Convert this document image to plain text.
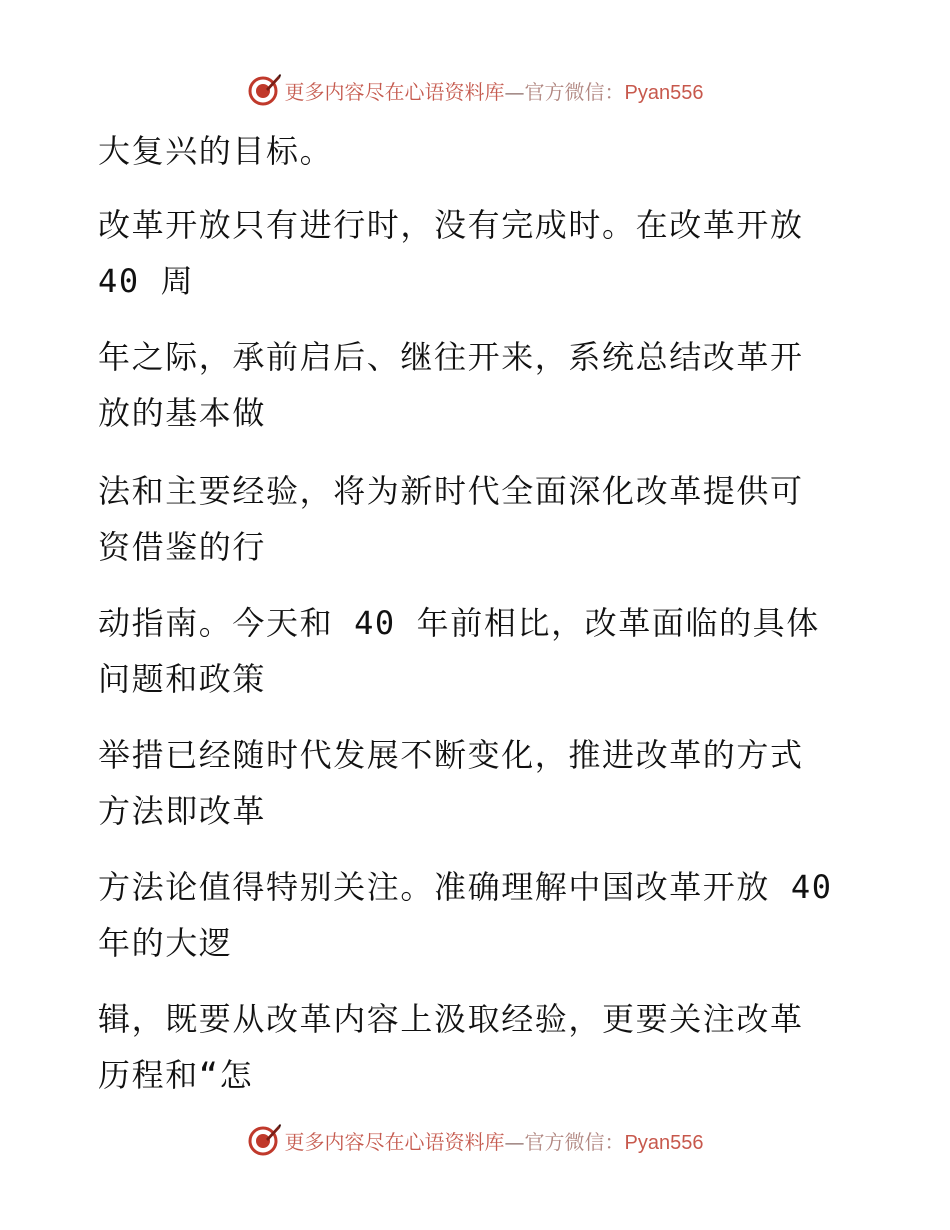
更多内容尽在心语资料库—官方微信：Pyan556
大复兴的目标。
改革开放只有进行时，没有完成时。在改革开放
40 周
年之际，承前启后、继往开来，系统总结改革开
放的基本做
法和主要经验，将为新时代全面深化改革提供可
资借鉴的行
动指南。今天和 40 年前相比，改革面临的具体
问题和政策
举措已经随时代发展不断变化，推进改革的方式
方法即改革
方法论值得特别关注。准确理解中国改革开放 40
年的大逻
辑，既要从改革内容上汲取经验，更要关注改革
历程和“怎
更多内容尽在心语资料库—官方微信：Pyan556
